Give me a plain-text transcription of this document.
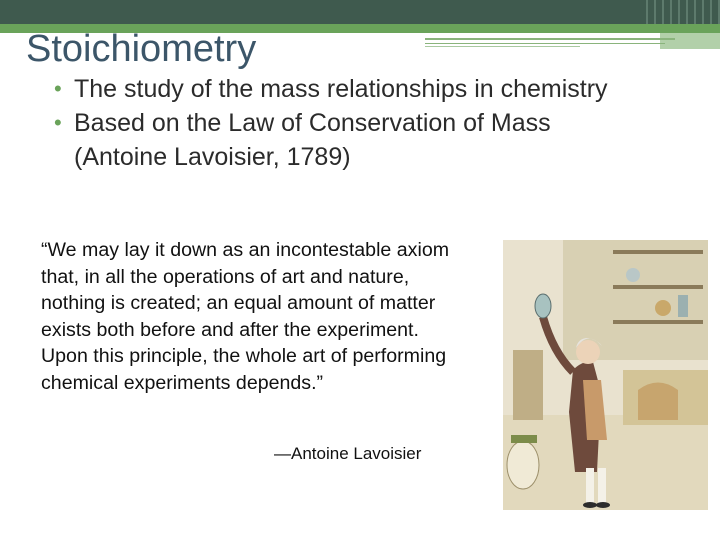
Stoichiometry
• The study of the mass relationships in chemistry
• Based on the Law of Conservation of Mass
(Antoine Lavoisier, 1789)

“We may lay it down as an incontestable axiom that, in all the operations of art and nature, nothing is created; an equal amount of matter exists both before and after the experiment. Upon this principle, the whole art of performing chemical experiments depends.”

—Antoine Lavoisier
